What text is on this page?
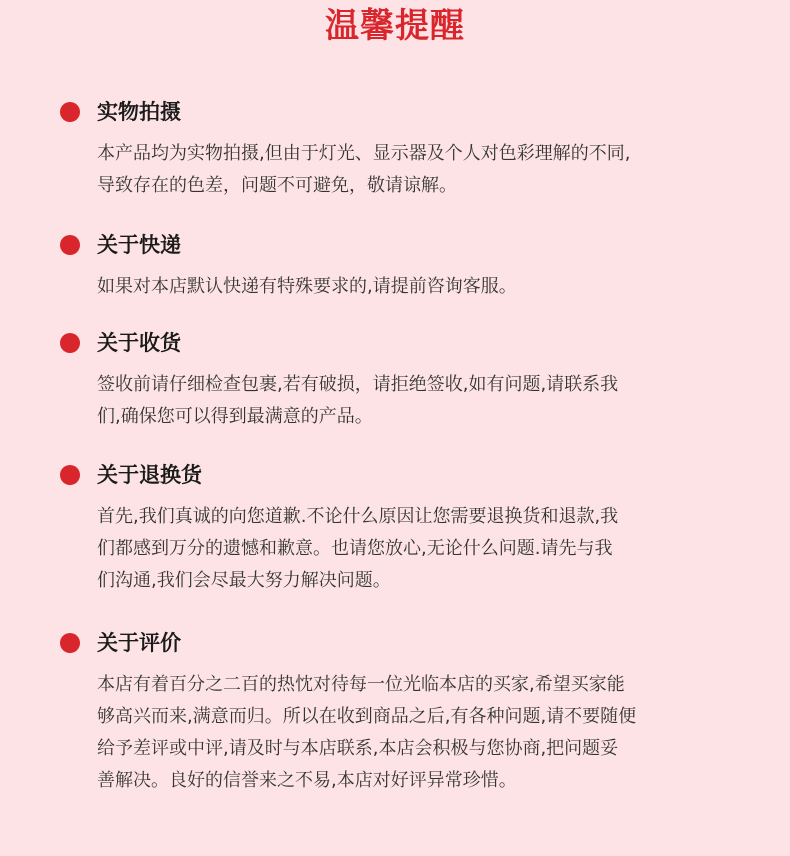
温馨提醒
实物拍摄
本产品均为实物拍摄,但由于灯光、显示器及个人对色彩理解的不同,
导致存在的色差，问题不可避免，敬请谅解。
关于快递
如果对本店默认快递有特殊要求的,请提前咨询客服。
关于收货
签收前请仔细检查包裹,若有破损，请拒绝签收,如有问题,请联系我
们,确保您可以得到最满意的产品。
关于退换货
首先,我们真诚的向您道歉.不论什么原因让您需要退换货和退款,我
们都感到万分的遗憾和歉意。也请您放心,无论什么问题.请先与我
们沟通,我们会尽最大努力解决问题。
关于评价
本店有着百分之二百的热忱对待每一位光临本店的买家,希望买家能
够高兴而来,满意而归。所以在收到商品之后,有各种问题,请不要随便
给予差评或中评,请及时与本店联系,本店会积极与您协商,把问题妥
善解决。良好的信誉来之不易,本店对好评异常珍惜。
